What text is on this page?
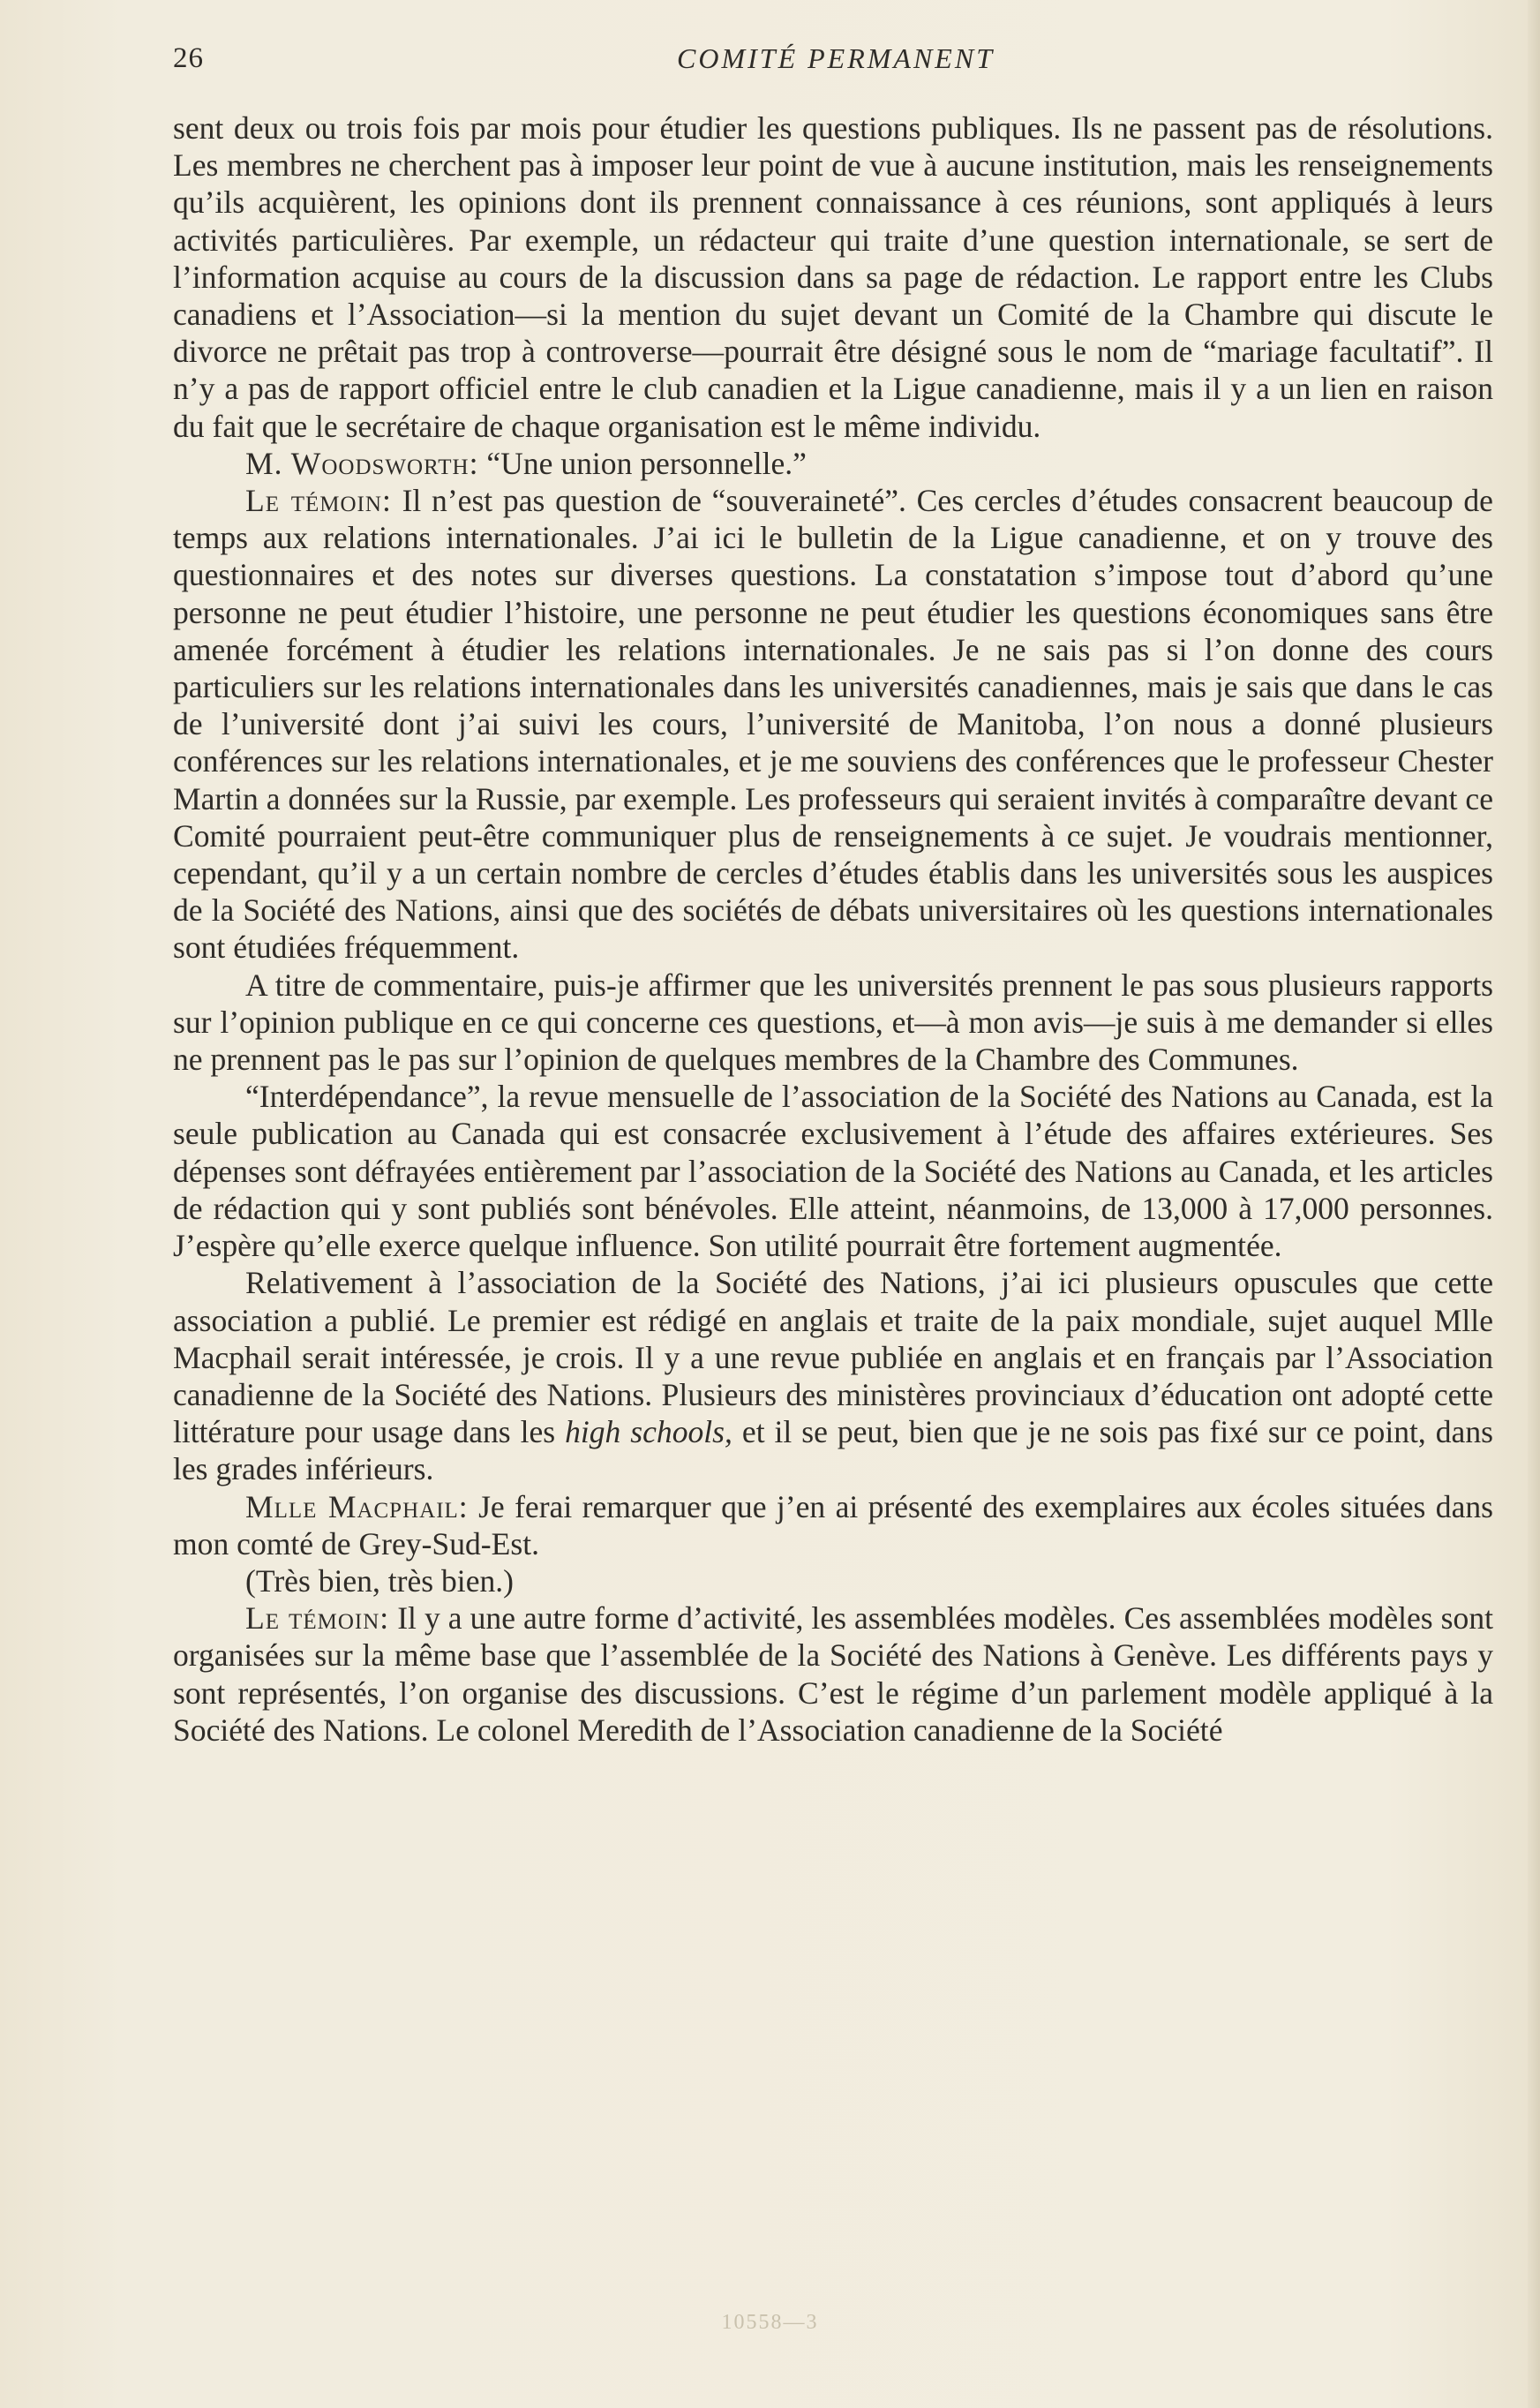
26	COMITÉ PERMANENT

sent deux ou trois fois par mois pour étudier les questions publiques. Ils ne passent pas de résolutions. Les membres ne cherchent pas à imposer leur point de vue à aucune institution, mais les renseignements qu’ils acquièrent, les opinions dont ils prennent connaissance à ces réunions, sont appliqués à leurs activités particulières. Par exemple, un rédacteur qui traite d’une question internationale, se sert de l’information acquise au cours de la discussion dans sa page de rédaction. Le rapport entre les Clubs canadiens et l’Association—si la mention du sujet devant un Comité de la Chambre qui discute le divorce ne prêtait pas trop à controverse—pourrait être désigné sous le nom de “mariage facultatif”. Il n’y a pas de rapport officiel entre le club canadien et la Ligue canadienne, mais il y a un lien en raison du fait que le secrétaire de chaque organisation est le même individu.

M. Woodsworth: “Une union personnelle.”

Le témoin: Il n’est pas question de “souveraineté”. Ces cercles d’études consacrent beaucoup de temps aux relations internationales. J’ai ici le bulletin de la Ligue canadienne, et on y trouve des questionnaires et des notes sur diverses questions. La constatation s’impose tout d’abord qu’une personne ne peut étudier l’histoire, une personne ne peut étudier les questions économiques sans être amenée forcément à étudier les relations internationales. Je ne sais pas si l’on donne des cours particuliers sur les relations internationales dans les universités canadiennes, mais je sais que dans le cas de l’université dont j’ai suivi les cours, l’université de Manitoba, l’on nous a donné plusieurs conférences sur les relations internationales, et je me souviens des conférences que le professeur Chester Martin a données sur la Russie, par exemple. Les professeurs qui seraient invités à comparaître devant ce Comité pourraient peut-être communiquer plus de renseignements à ce sujet. Je voudrais mentionner, cependant, qu’il y a un certain nombre de cercles d’études établis dans les universités sous les auspices de la Société des Nations, ainsi que des sociétés de débats universitaires où les questions internationales sont étudiées fréquemment.

A titre de commentaire, puis-je affirmer que les universités prennent le pas sous plusieurs rapports sur l’opinion publique en ce qui concerne ces questions, et—à mon avis—je suis à me demander si elles ne prennent pas le pas sur l’opinion de quelques membres de la Chambre des Communes.

“Interdépendance”, la revue mensuelle de l’association de la Société des Nations au Canada, est la seule publication au Canada qui est consacrée exclusivement à l’étude des affaires extérieures. Ses dépenses sont défrayées entièrement par l’association de la Société des Nations au Canada, et les articles de rédaction qui y sont publiés sont bénévoles. Elle atteint, néanmoins, de 13,000 à 17,000 personnes. J’espère qu’elle exerce quelque influence. Son utilité pourrait être fortement augmentée.

Relativement à l’association de la Société des Nations, j’ai ici plusieurs opuscules que cette association a publié. Le premier est rédigé en anglais et traite de la paix mondiale, sujet auquel Mlle Macphail serait intéressée, je crois. Il y a une revue publiée en anglais et en français par l’Association canadienne de la Société des Nations. Plusieurs des ministères provinciaux d’éducation ont adopté cette littérature pour usage dans les high schools, et il se peut, bien que je ne sois pas fixé sur ce point, dans les grades inférieurs.

Mlle Macphail: Je ferai remarquer que j’en ai présenté des exemplaires aux écoles situées dans mon comté de Grey-Sud-Est.

(Très bien, très bien.)

Le témoin: Il y a une autre forme d’activité, les assemblées modèles. Ces assemblées modèles sont organisées sur la même base que l’assemblée de la Société des Nations à Genève. Les différents pays y sont représentés, l’on organise des discussions. C’est le régime d’un parlement modèle appliqué à la Société des Nations. Le colonel Meredith de l’Association canadienne de la Société

10558—3
